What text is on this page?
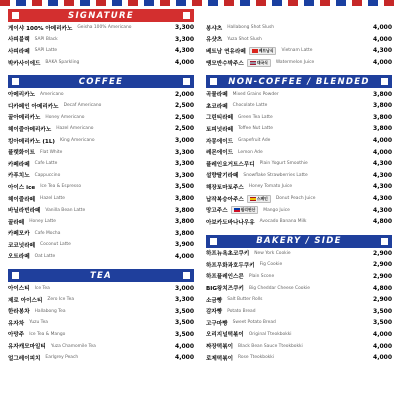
SIGNATURE
게이샤 100% 아메리카노 Geisha 100% Americano	3,300
사피블랙 SAPI Black	3,300
사피라떼 SAPI Latte	4,300
박카사이에드 BAKA Sparkling	4,000
COFFEE
아메리카노 Americano	2,000
디카페인 아메리카노 Decaf Americano	2,500
꿀아메리카노 Honey Americano	2,500
헤이즐아메리카노 Hazel Americano	2,500
킹아메리카노 (1L) King Americano	3,000
플랫화이트 Flat White	3,300
카페라떼 Cafe Latte	3,300
카푸치노 Cappuccino	3,300
아이스 ice Ice Tea & Espresso	3,500
헤이즐라떼 Hazel Latte	3,800
바닐라빈라떼 Vanilla Bean Latte	3,800
꿀라떼 Honey Latte	3,800
카페모카 Cafe Mocha	3,800
코코넛라떼 Coconut Latte	3,900
오트라떼 Oat Latte	4,000
TEA
아이스티 Ice Tea	3,000
제로 아이스티 Zero Ice Tea	3,300
한라봉차 Hallabong Tea	3,500
유자차 Yuzu Tea	3,500
아망주 Ice Tea & Mango	3,500
유자캐모마일티 Yuza Chamomile Tea	4,000
얼그레이피치 Earlgrey Peach	4,000
봉샤츠 Hallabong Shot Slush	4,000
유샷츠 Yuza Shot Slush	4,000
베트남 연유라떼	베트남식 Vietnam Latte	4,300
땡모반수박주스	태국식 Watermelon Juice	4,000
NON-COFFEE / BLENDED
곡물라떼 Mixed Grains Powder	3,800
초코라떼 Chocolate Latte	3,800
그린티라떼 Green Tea Latte	3,800
토피넛라떼 Toffee Nut Latte	3,800
자몽에이드 Grapefruit Ade	4,000
레몬에이드 Lemon Ade	4,000
플레인요거트스무디 Plain Yogurt Smoothie	4,300
설향딸기라떼 Snowflake Strawberries Latte	4,300
해장토마토주스 Honey Tomato Juice	4,300
납작복숭아주스	스페인 Donut Peach Juice	4,300
망고주스	필리핀산 Mango Juice	4,300
아보카도바나나우유 Avocado Banana Milk	4,800
BAKERY / SIDE
하프뉴욕초코쿠키 New York Cookie	2,900
하프무화과호두쿠키 Fig Cookie	2,900
하프플레인스콘 Plain Scone	2,900
BIG왕치즈쿠키 Big Cheddar Cheese Cookie	4,800
소금빵 Salt Butter Rolls	2,900
감자빵 Potato Bread	3,500
고구마빵 Sweet Potato Bread	3,500
오리지널떡볶이 Original Tteokbokki	4,000
짜장떡볶이 Black Bean Sauce Tteokbokki	4,000
로제떡볶이 Rose Tteokbokki	4,000
